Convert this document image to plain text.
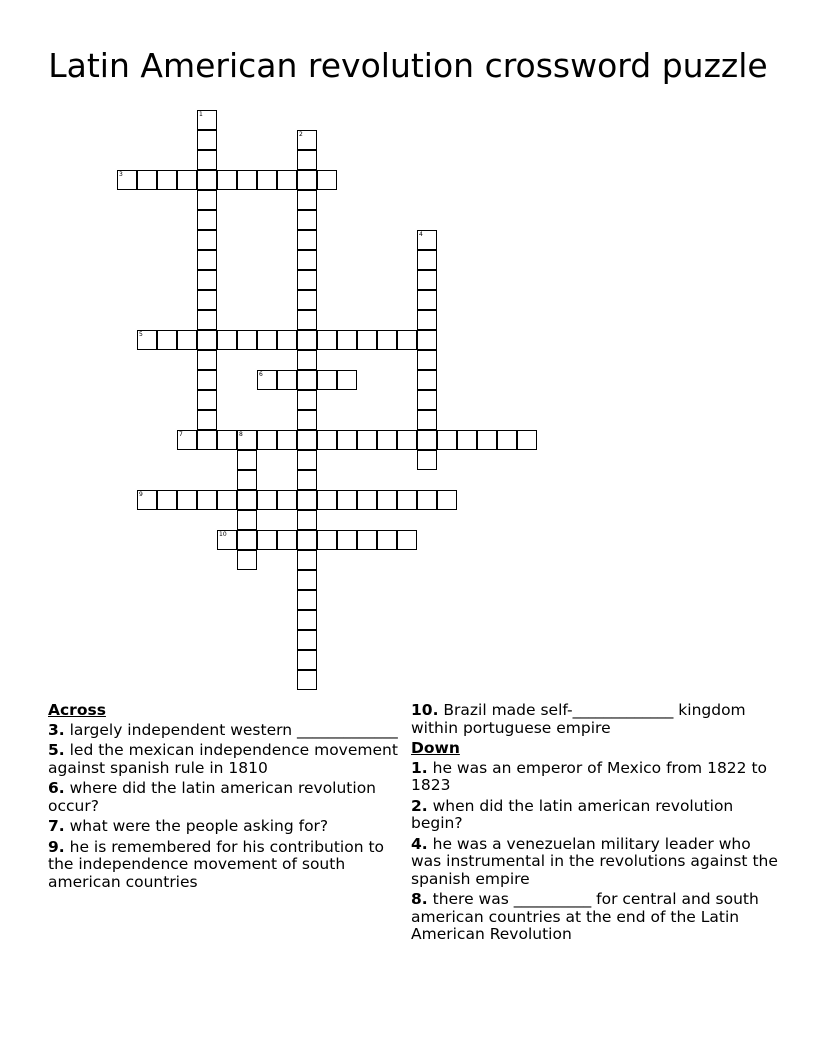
Latin American revolution crossword puzzle
1
2
3
4
5
6
7	8
9
10
Across
3. largely independent western _____________
5. led the mexican independence movement against spanish rule in 1810
6. where did the latin american revolution occur?
7. what were the people asking for?
9. he is remembered for his contribution to the independence movement of south american countries
10. Brazil made self-_____________ kingdom within portuguese empire
Down
1. he was an emperor of Mexico from 1822 to 1823
2. when did the latin american revolution begin?
4. he was a venezuelan military leader who was instrumental in the revolutions against the spanish empire
8. there was __________ for central and south american countries at the end of the Latin American Revolution
